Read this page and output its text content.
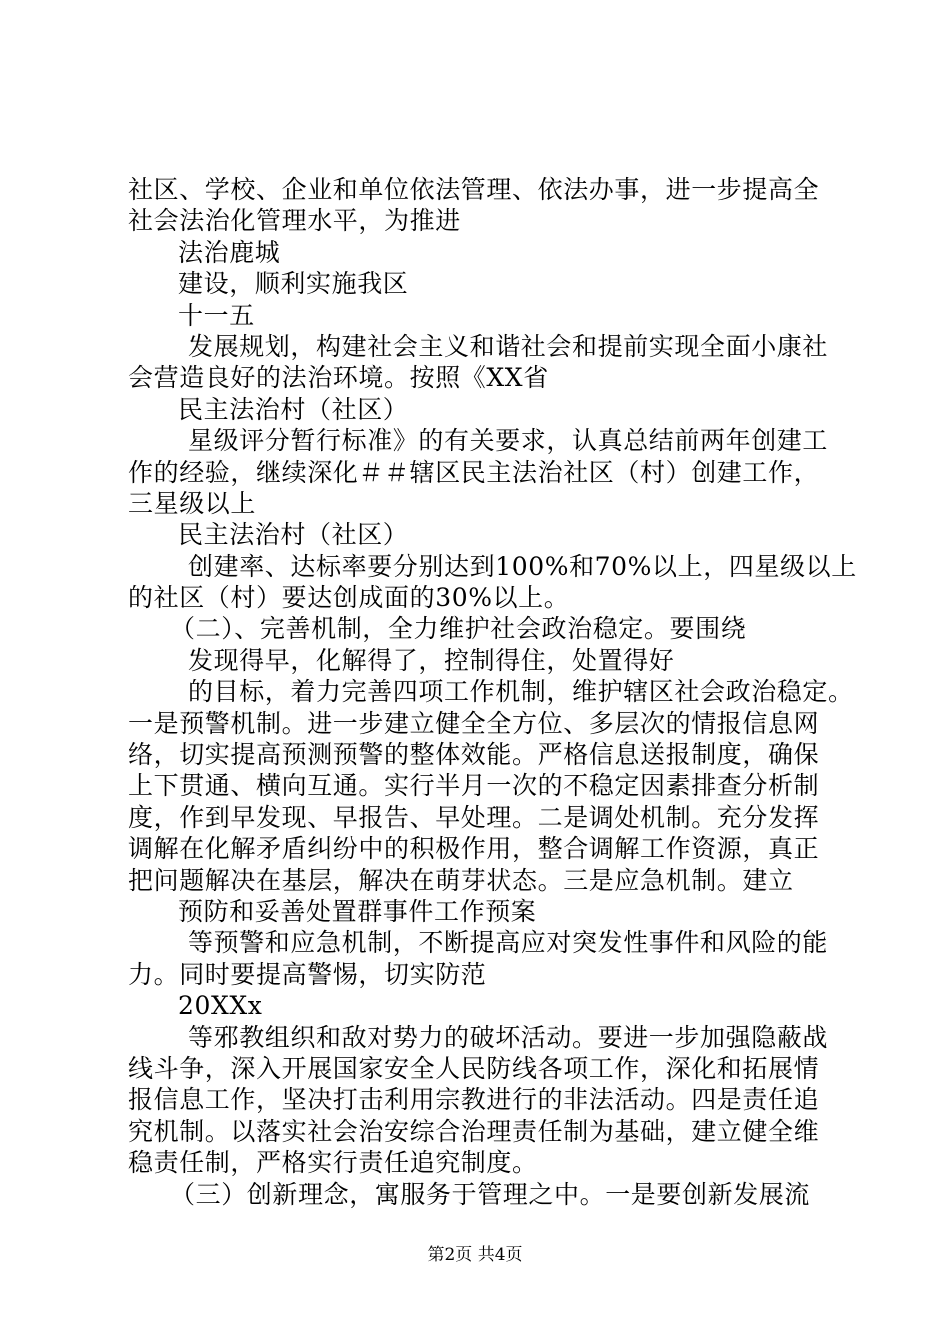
社区、学校、企业和单位依法管理、依法办事，进一步提高全
社会法治化管理水平，为推进
法治鹿城
建设，顺利实施我区
十一五
发展规划，构建社会主义和谐社会和提前实现全面小康社
会营造良好的法治环境。按照《XX省
民主法治村（社区）
星级评分暂行标准》的有关要求，认真总结前两年创建工
作的经验，继续深化＃＃辖区民主法治社区（村）创建工作，
三星级以上
民主法治村（社区）
创建率、达标率要分别达到100%和70%以上，四星级以上
的社区（村）要达创成面的30%以上。
（二）、完善机制，全力维护社会政治稳定。要围绕
发现得早，化解得了，控制得住，处置得好
的目标，着力完善四项工作机制，维护辖区社会政治稳定。
一是预警机制。进一步建立健全全方位、多层次的情报信息网
络，切实提高预测预警的整体效能。严格信息送报制度，确保
上下贯通、横向互通。实行半月一次的不稳定因素排查分析制
度，作到早发现、早报告、早处理。二是调处机制。充分发挥
调解在化解矛盾纠纷中的积极作用，整合调解工作资源，真正
把问题解决在基层，解决在萌芽状态。三是应急机制。建立
预防和妥善处置群事件工作预案
等预警和应急机制，不断提高应对突发性事件和风险的能
力。同时要提高警惕，切实防范
20XXx
等邪教组织和敌对势力的破坏活动。要进一步加强隐蔽战
线斗争，深入开展国家安全人民防线各项工作，深化和拓展情
报信息工作，坚决打击利用宗教进行的非法活动。四是责任追
究机制。以落实社会治安综合治理责任制为基础，建立健全维
稳责任制，严格实行责任追究制度。
（三）创新理念，寓服务于管理之中。一是要创新发展流
第2页 共4页
